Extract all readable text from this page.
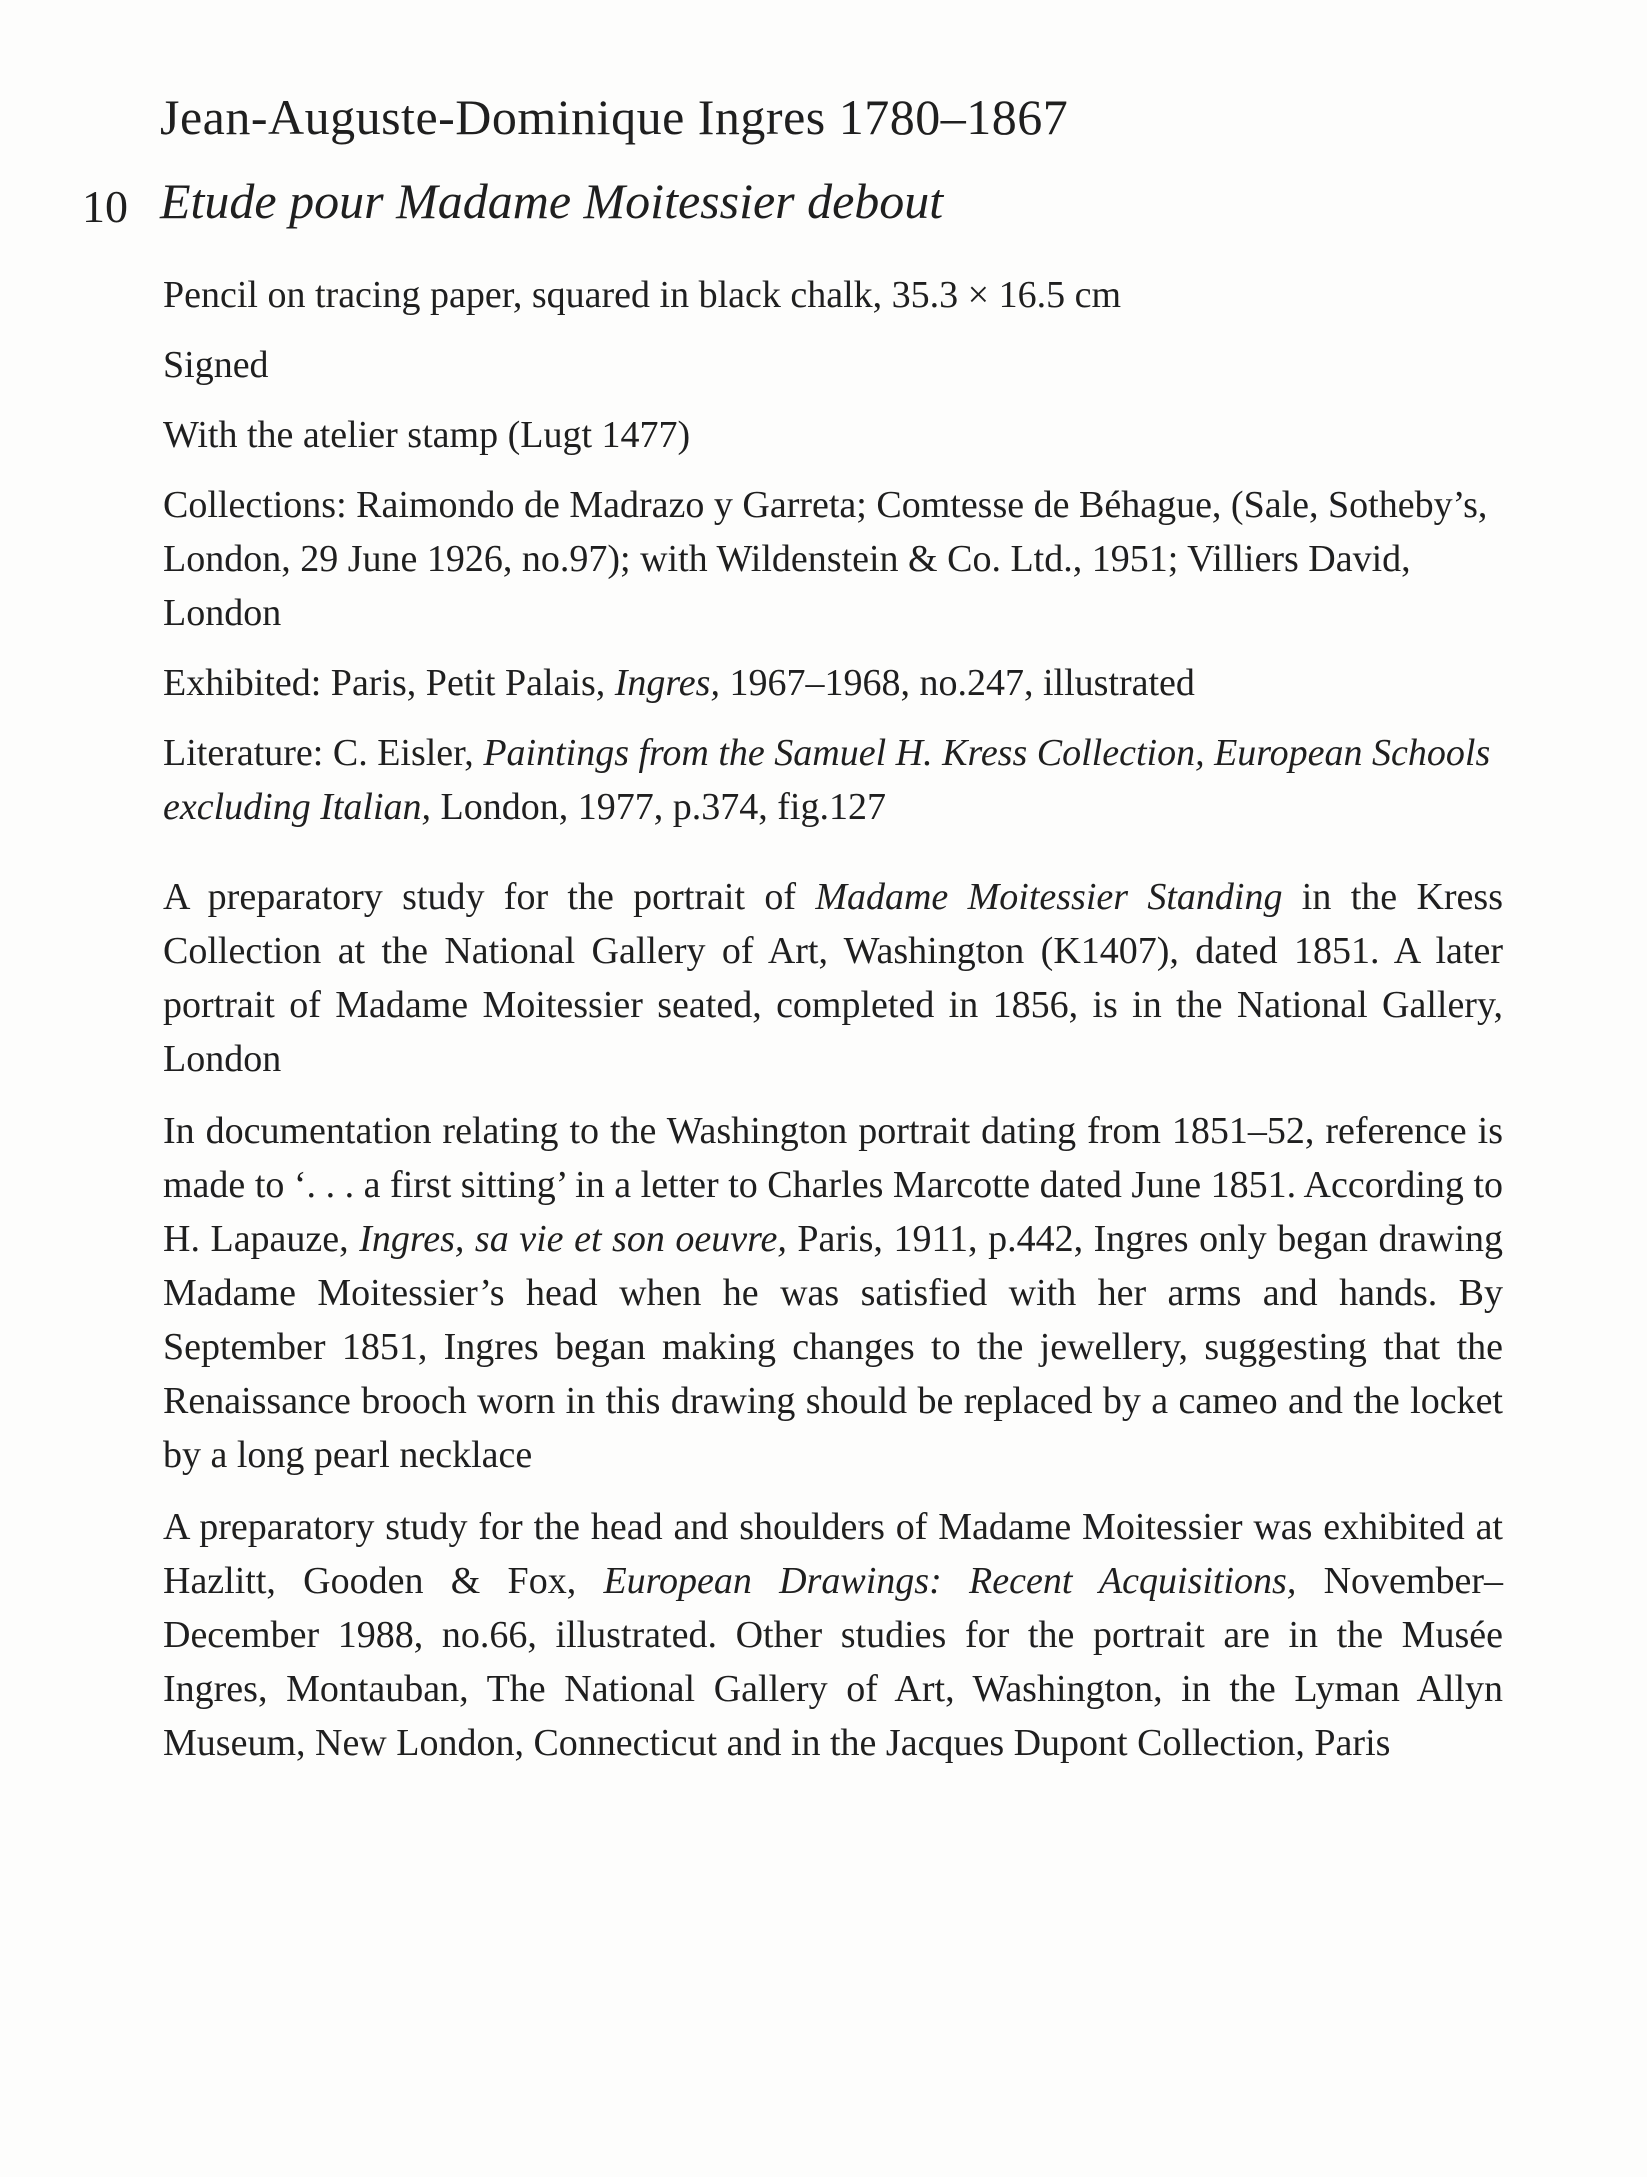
Jean-Auguste-Dominique Ingres 1780–1867
10 Etude pour Madame Moitessier debout

Pencil on tracing paper, squared in black chalk, 35.3 × 16.5 cm

Signed

With the atelier stamp (Lugt 1477)

Collections: Raimondo de Madrazo y Garreta; Comtesse de Béhague, (Sale, Sotheby’s, London, 29 June 1926, no.97); with Wildenstein & Co. Ltd., 1951; Villiers David, London

Exhibited: Paris, Petit Palais, Ingres, 1967–1968, no.247, illustrated

Literature: C. Eisler, Paintings from the Samuel H. Kress Collection, European Schools excluding Italian, London, 1977, p.374, fig.127

A preparatory study for the portrait of Madame Moitessier Standing in the Kress Collection at the National Gallery of Art, Washington (K1407), dated 1851. A later portrait of Madame Moitessier seated, completed in 1856, is in the National Gallery, London

In documentation relating to the Washington portrait dating from 1851–52, reference is made to ‘. . . a first sitting’ in a letter to Charles Marcotte dated June 1851. According to H. Lapauze, Ingres, sa vie et son oeuvre, Paris, 1911, p.442, Ingres only began drawing Madame Moitessier’s head when he was satisfied with her arms and hands. By September 1851, Ingres began making changes to the jewellery, suggesting that the Renaissance brooch worn in this drawing should be replaced by a cameo and the locket by a long pearl necklace

A preparatory study for the head and shoulders of Madame Moitessier was exhibited at Hazlitt, Gooden & Fox, European Drawings: Recent Acquisitions, November–December 1988, no.66, illustrated. Other studies for the portrait are in the Musée Ingres, Montauban, The National Gallery of Art, Washington, in the Lyman Allyn Museum, New London, Connecticut and in the Jacques Dupont Collection, Paris
